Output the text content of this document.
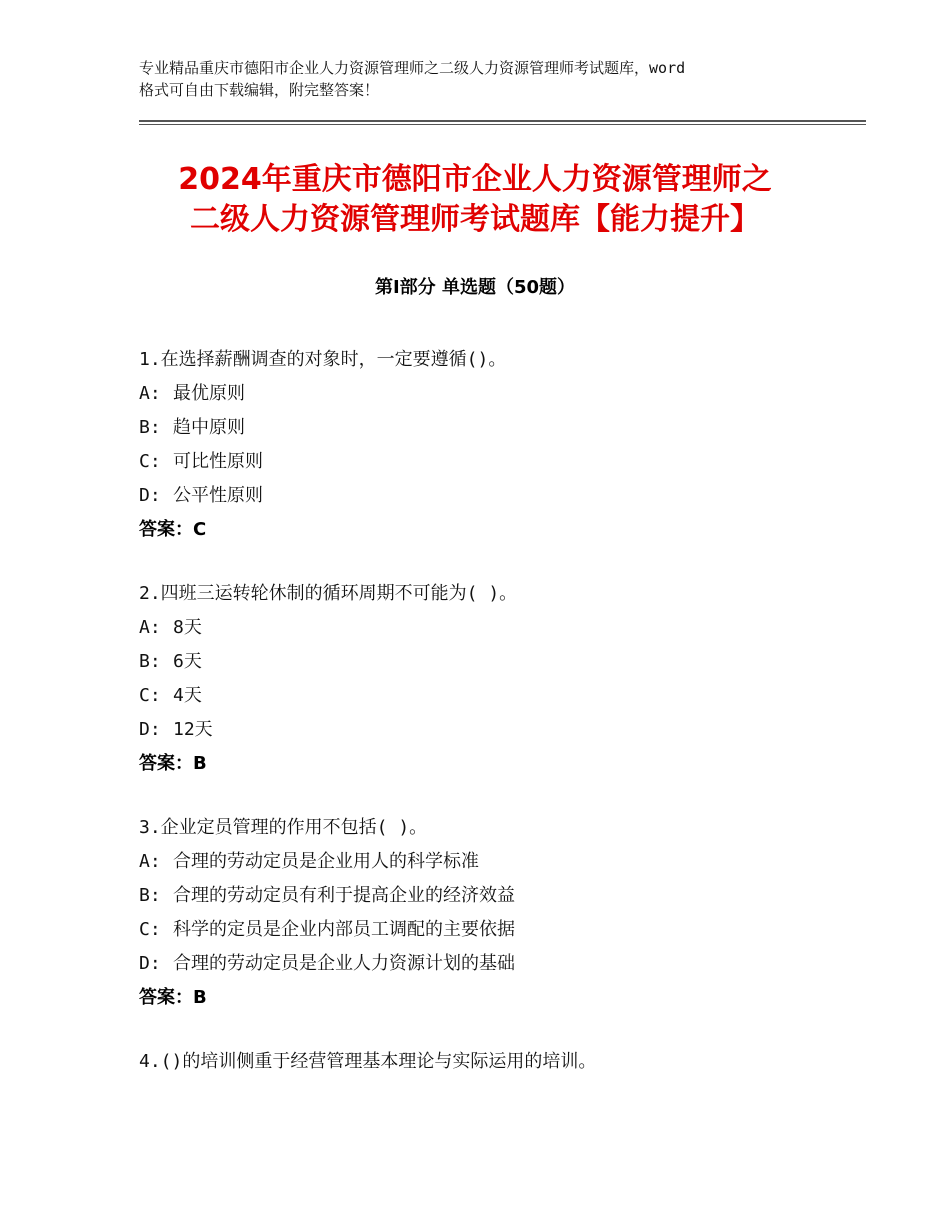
专业精品重庆市德阳市企业人力资源管理师之二级人力资源管理师考试题库，word
格式可自由下载编辑，附完整答案！
2024年重庆市德阳市企业人力资源管理师之
二级人力资源管理师考试题库【能力提升】
第Ⅰ部分 单选题（50题）
1.在选择薪酬调查的对象时，一定要遵循()。
A: 最优原则
B: 趋中原则
C: 可比性原则
D: 公平性原则
答案：C
2.四班三运转轮休制的循环周期不可能为( )。
A: 8天
B: 6天
C: 4天
D: 12天
答案：B
3.企业定员管理的作用不包括( )。
A: 合理的劳动定员是企业用人的科学标准
B: 合理的劳动定员有利于提高企业的经济效益
C: 科学的定员是企业内部员工调配的主要依据
D: 合理的劳动定员是企业人力资源计划的基础
答案：B
4.()的培训侧重于经营管理基本理论与实际运用的培训。
